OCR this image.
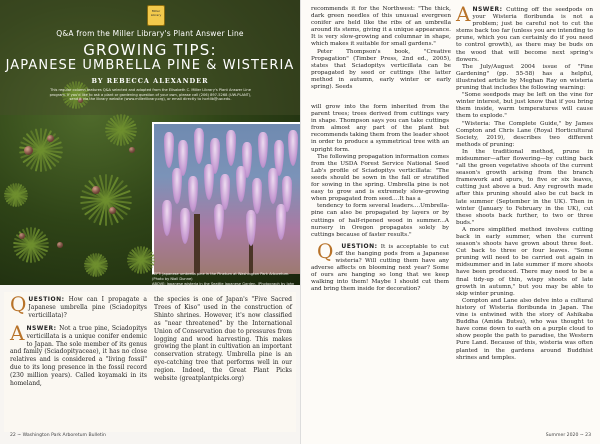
Miller Library
Q&A from the Miller Library's Plant Answer Line
GROWING TIPS:
JAPANESE UMBRELLA PINE & WISTERIA
BY REBECCA ALEXANDER
This regular column features Q&A selected and adapted from the Elisabeth C. Miller Library's Plant Answer Line program. If you'd like to ask a plant or gardening question of your own, please call (206) 897-5268 (UW-PLANT), send it via the library website (www.millerlibrary.org), or email directly to hortlib@uw.edu.
LEFT: Japanese umbrella pine in the Pinetum at Washington Park Arboretum. (Photo by Niall Dunne)
ABOVE: Japanese wisteria in the Seattle Japanese Garden. (Photograph by John and Kathy Willson)

QUESTION: How can I propagate a Japanese umbrella pine (Sciadopitys verticillata)?

ANSWER: Not a true pine, Sciadopitys verticillata is a unique conifer endemic to Japan. The sole member of its genus and family (Sciadopityaceae), it has no close relatives and is considered a "living fossil" due to its long presence in the fossil record (230 million years). Called koyamaki in its homeland,

the species is one of Japan's "Five Sacred Trees of Kiso" used in the construction of Shinto shrines. However, it's now classified as "near threatened" by the International Union of Conservation due to pressures from logging and wood harvesting. This makes growing the plant in cultivation an important conservation strategy. Umbrella pine is an eye-catching tree that performs well in our region. Indeed, the Great Plant Picks website (greatplantpicks.org)

22 ~ Washington Park Arboretum Bulletin

recommends it for the Northwest: "The thick, dark green needles of this unusual evergreen conifer are held like the ribs of an umbrella around its stems, giving it a unique appearance. It is very slow-growing and columnar in shape, which makes it suitable for small gardens."

Peter Thompson's book, "Creative Propagation" (Timber Press, 2nd ed., 2005), states that Sciadopitys verticillata can be propagated by seed or cuttings (the latter method in autumn, early winter or early spring). Seeds

will grow into the form inherited from the parent trees; trees derived from cuttings vary in shape. Thompson says you can take cuttings from almost any part of the plant but recommends taking them from the leader shoot in order to produce a symmetrical tree with an upright form.

The following propagation information comes from the USDA Forest Service National Seed Lab's profile of Sciadopitys verticillata: "The seeds should be sown in the fall or stratified for sowing in the spring. Umbrella pine is not easy to grow and is extremely slow-growing when propagated from seed....It has a

tendency to form several leaders....Umbrella-pine can also be propagated by layers or by cuttings of half-ripened wood in summer...A nursery in Oregon propagates solely by cuttings because of faster results."

Q UESTION: It is acceptable to cut off the hanging pods from a Japanese wisteria? Will cutting them have any adverse affects on blooming next year? Some of ours are hanging so long that we keep walking into them! Maybe I should cut them and bring them inside for decoration?

ANSWER: Cutting off the seedpods on your Wisteria floribunda is not a problem; just be careful not to cut the stems back too far (unless you are intending to prune, which you can certainly do if you need to control growth), as there may be buds on the wood that will become next spring's flowers.

The July/August 2004 issue of "Fine Gardening" (pp. 55-58) has a helpful, illustrated article by Meghan Ray on wisteria pruning that includes the following warning:

"Some seedpods may be left on the vine for winter interest, but just know that if you bring them inside, warm temperatures will cause them to explode."

"Wisteria: The Complete Guide," by James Compton and Chris Lane (Royal Horticultural Society, 2019), describes two different methods of pruning:

In the traditional method, prune in midsummer—after flowering—by cutting back "all the green vegetative shoots of the current season's growth arising from the branch framework and spurs, to five or six leaves, cutting just above a bud. Any regrowth made after this pruning should also be cut back in late summer (September in the UK). Then in winter (January to February in the UK), cut these shoots back further, to two or three buds."

A more simplified method involves cutting back in early summer, when the current season's shoots have grown about three feet. Cut back to three or four leaves. "Some pruning will need to be carried out again in midsummer and in late summer if more shoots have been produced. There may need to be a final tidy-up of thin, wispy shoots of late growth in autumn," but you may be able to skip winter pruning.

Compton and Lane also delve into a cultural history of Wisteria floribunda in Japan. The vine is entwined with the story of Ashikaba Buddha (Amida Butsu), who was thought to have come down to earth on a purple cloud to show people the path to paradise, the Western Pure Land. Because of this, wisteria was often planted in the gardens around Buddhist shrines and temples.

Summer 2020 ~ 23
